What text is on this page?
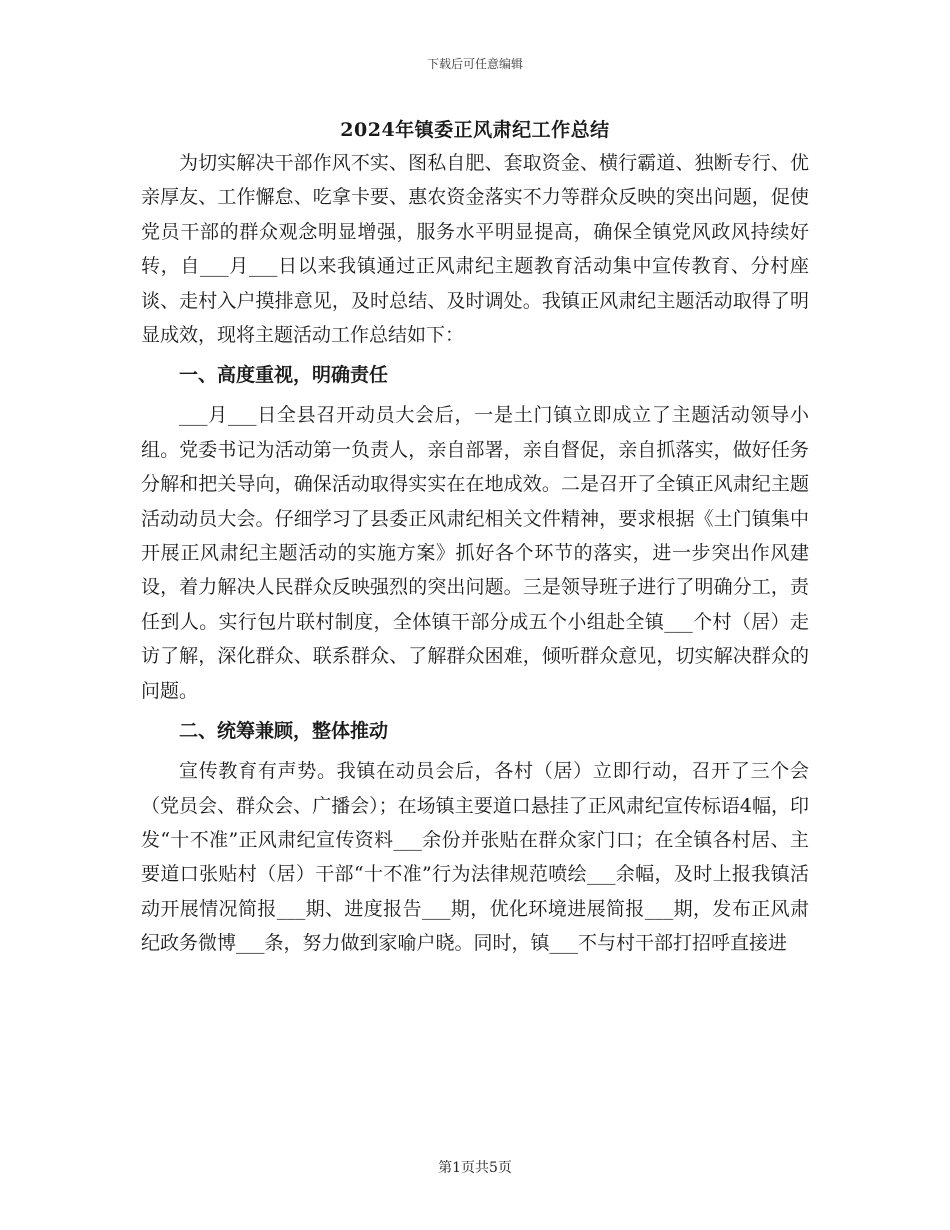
下载后可任意编辑
2024年镇委正风肃纪工作总结

为切实解决干部作风不实、图私自肥、套取资金、横行霸道、独断专行、优亲厚友、工作懈怠、吃拿卡要、惠农资金落实不力等群众反映的突出问题，促使党员干部的群众观念明显增强，服务水平明显提高，确保全镇党风政风持续好转，自___月___日以来我镇通过正风肃纪主题教育活动集中宣传教育、分村座谈、走村入户摸排意见，及时总结、及时调处。我镇正风肃纪主题活动取得了明显成效，现将主题活动工作总结如下：

一、高度重视，明确责任

___月___日全县召开动员大会后，一是土门镇立即成立了主题活动领导小组。党委书记为活动第一负责人，亲自部署，亲自督促，亲自抓落实，做好任务分解和把关导向，确保活动取得实实在在地成效。二是召开了全镇正风肃纪主题活动动员大会。仔细学习了县委正风肃纪相关文件精神，要求根据《土门镇集中开展正风肃纪主题活动的实施方案》抓好各个环节的落实，进一步突出作风建设，着力解决人民群众反映强烈的突出问题。三是领导班子进行了明确分工，责任到人。实行包片联村制度，全体镇干部分成五个小组赴全镇___个村（居）走访了解，深化群众、联系群众、了解群众困难，倾听群众意见，切实解决群众的问题。

二、统筹兼顾，整体推动

宣传教育有声势。我镇在动员会后，各村（居）立即行动，召开了三个会（党员会、群众会、广播会）；在场镇主要道口悬挂了正风肃纪宣传标语4幅，印发“十不准”正风肃纪宣传资料___余份并张贴在群众家门口；在全镇各村居、主要道口张贴村（居）干部“十不准”行为法律规范喷绘___余幅，及时上报我镇活动开展情况简报___期、进度报告___期，优化环境进展简报___期，发布正风肃纪政务微博___条，努力做到家喻户晓。同时，镇___不与村干部打招呼直接进

第1页共5页
